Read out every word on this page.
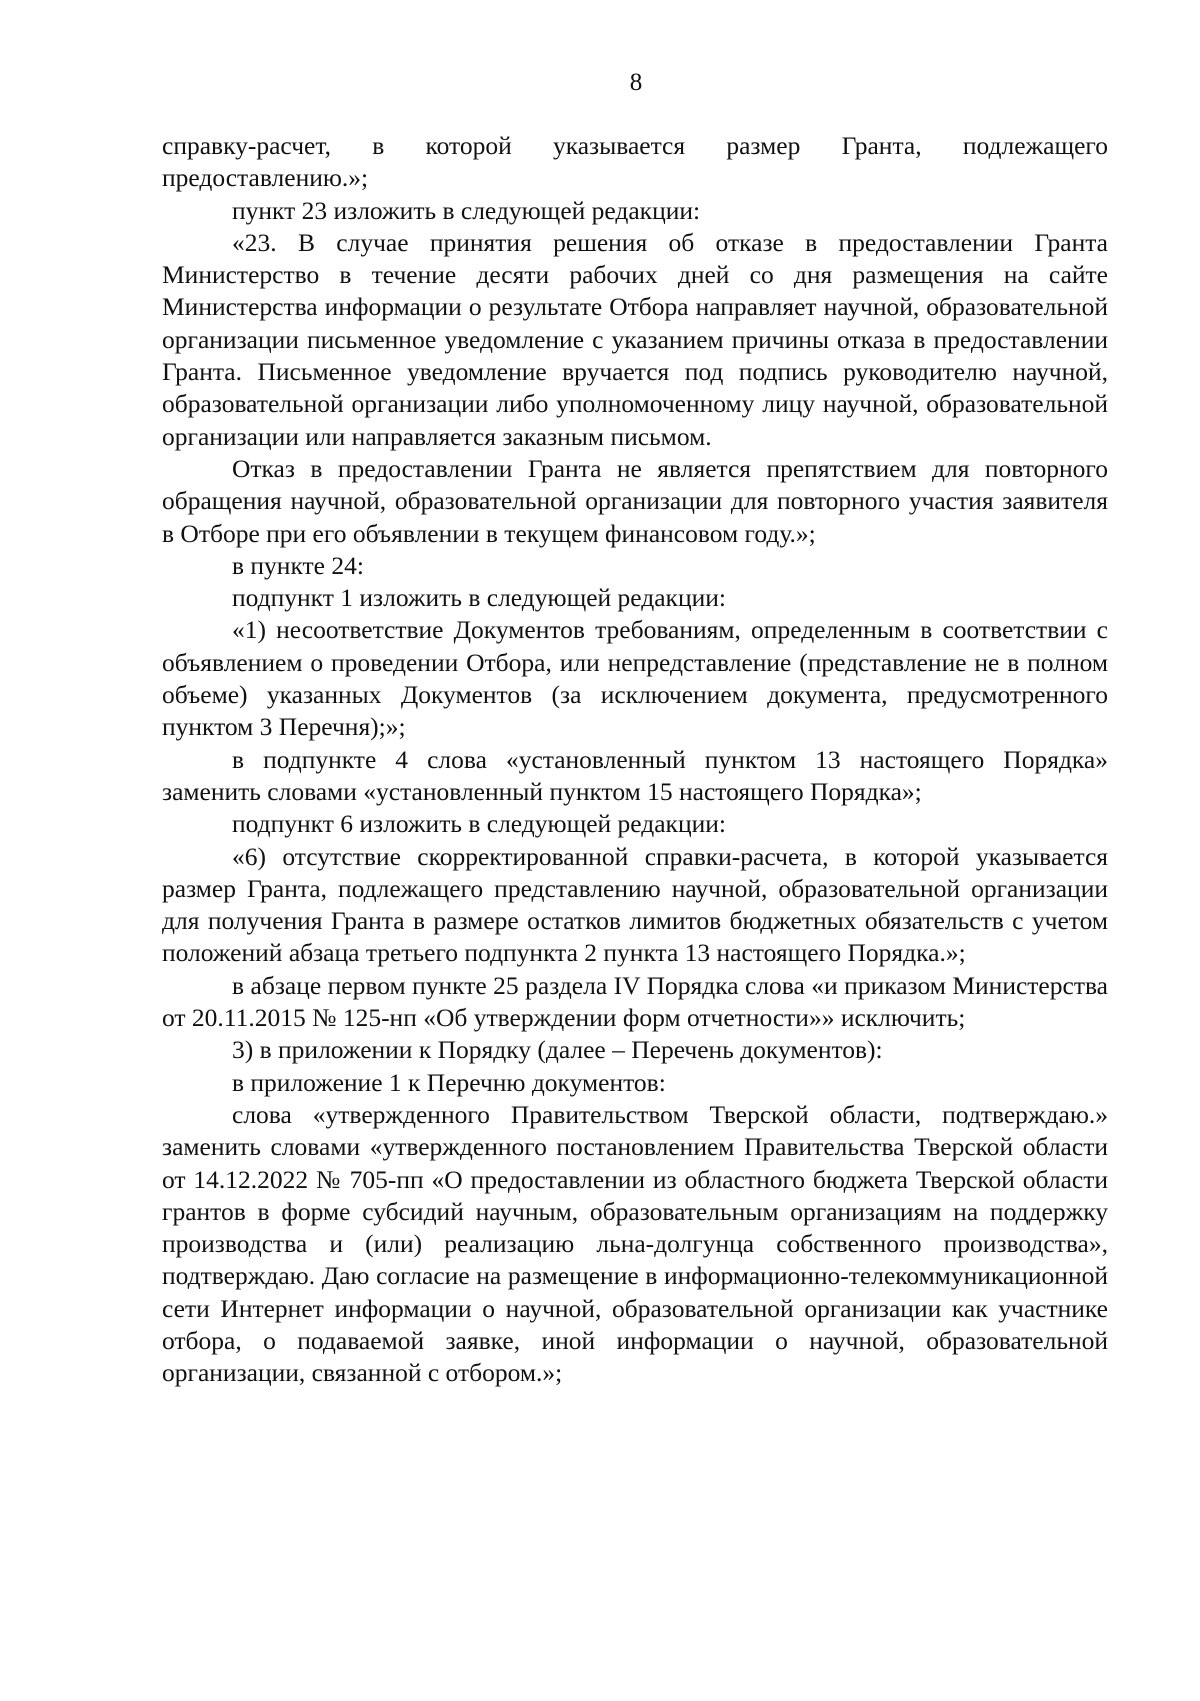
8

справку-расчет, в которой указывается размер Гранта, подлежащего предоставлению.»;

пункт 23 изложить в следующей редакции:

«23. В случае принятия решения об отказе в предоставлении Гранта Министерство в течение десяти рабочих дней со дня размещения на сайте Министерства информации о результате Отбора направляет научной, образовательной организации письменное уведомление с указанием причины отказа в предоставлении Гранта. Письменное уведомление вручается под подпись руководителю научной, образовательной организации либо уполномоченному лицу научной, образовательной организации или направляется заказным письмом.

Отказ в предоставлении Гранта не является препятствием для повторного обращения научной, образовательной организации для повторного участия заявителя в Отборе при его объявлении в текущем финансовом году.»;

в пункте 24:

подпункт 1 изложить в следующей редакции:

«1) несоответствие Документов требованиям, определенным в соответствии с объявлением о проведении Отбора, или непредставление (представление не в полном объеме) указанных Документов (за исключением документа, предусмотренного пунктом 3 Перечня);»;

в подпункте 4 слова «установленный пунктом 13 настоящего Порядка» заменить словами «установленный пунктом 15 настоящего Порядка»;

подпункт 6 изложить в следующей редакции:

«6) отсутствие скорректированной справки-расчета, в которой указывается размер Гранта, подлежащего представлению научной, образовательной организации для получения Гранта в размере остатков лимитов бюджетных обязательств с учетом положений абзаца третьего подпункта 2 пункта 13 настоящего Порядка.»;

в абзаце первом пункте 25 раздела IV Порядка слова «и приказом Министерства от 20.11.2015 № 125-нп «Об утверждении форм отчетности»» исключить;

3) в приложении к Порядку (далее – Перечень документов):

в приложение 1 к Перечню документов:

слова «утвержденного Правительством Тверской области, подтверждаю.» заменить словами «утвержденного постановлением Правительства Тверской области от 14.12.2022 № 705-пп «О предоставлении из областного бюджета Тверской области грантов в форме субсидий научным, образовательным организациям на поддержку производства и (или) реализацию льна-долгунца собственного производства», подтверждаю. Даю согласие на размещение в информационно-телекоммуникационной сети Интернет информации о научной, образовательной организации как участнике отбора, о подаваемой заявке, иной информации о научной, образовательной организации, связанной с отбором.»;
